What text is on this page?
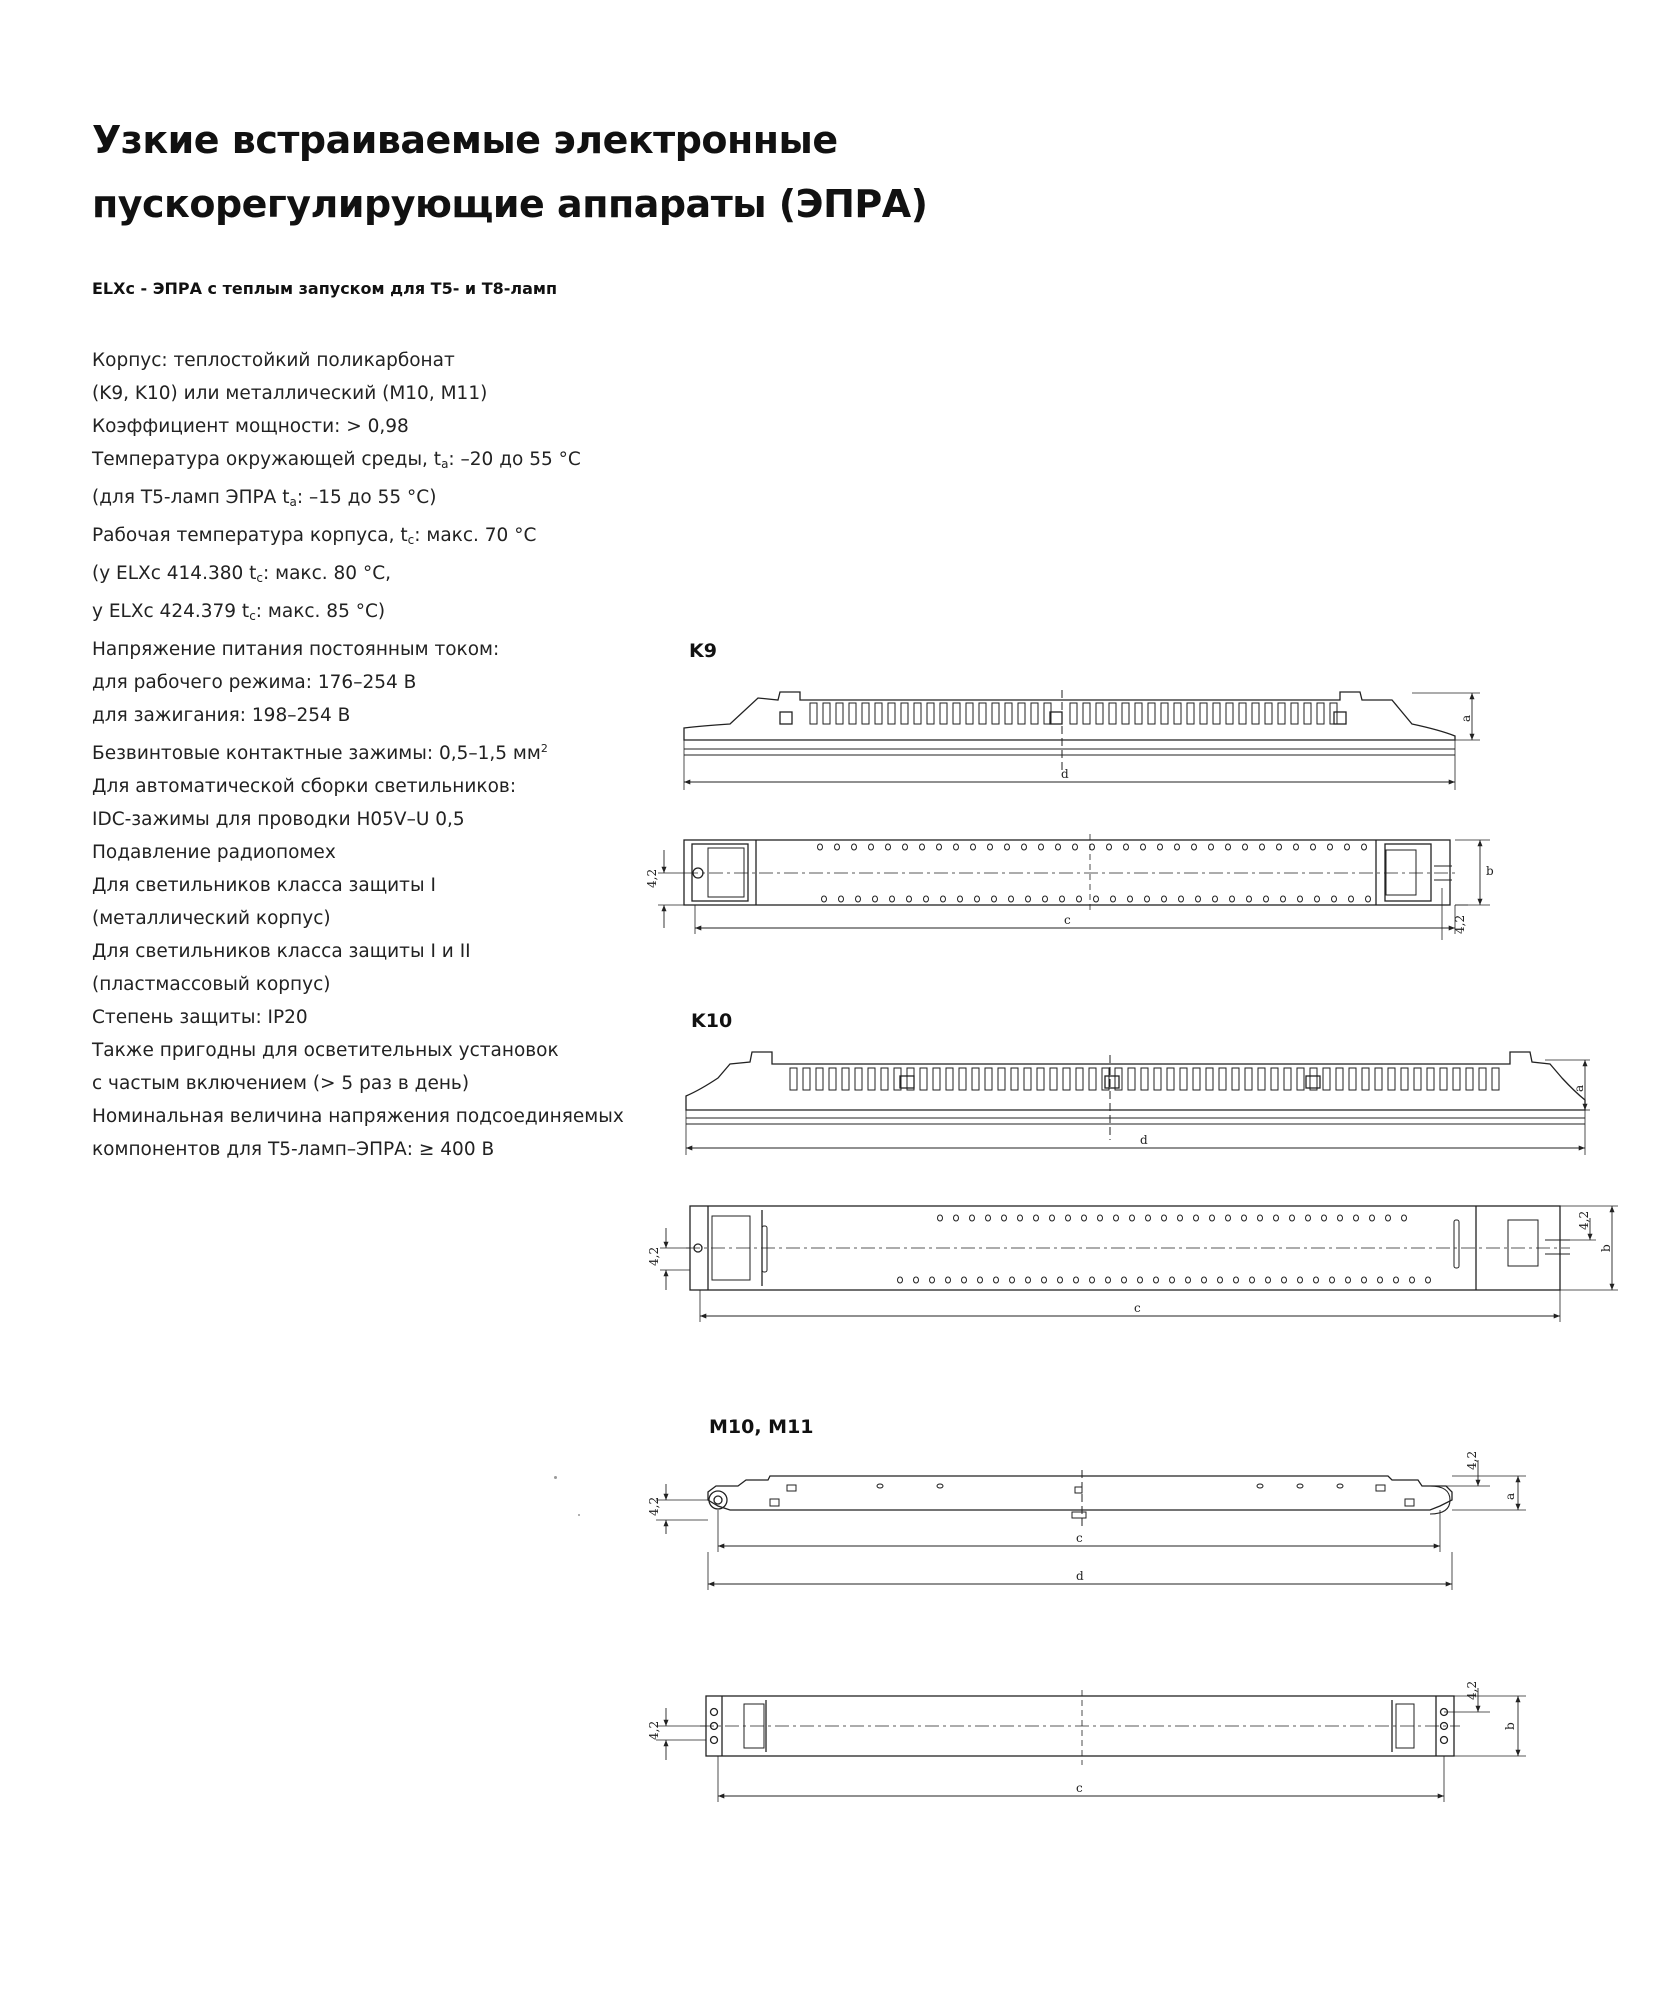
Узкие встраиваемые электронные
пускорегулирующие аппараты (ЭПРА)
ELXc - ЭПРА с теплым запуском для T5- и T8-ламп
Корпус: теплостойкий поликарбонат
(K9, K10) или металлический (M10, M11)
Коэффициент мощности: > 0,98
Температура окружающей среды, $t_a$: –20 до 55 °C
(для T5-ламп ЭПРА $t_a$: –15 до 55 °C)
Рабочая температура корпуса, $t_c$: макс. 70 °C
(у ELXc 414.380 $t_c$: макс. 80 °C,
у ELXc 424.379 $t_c$: макс. 85 °C)
Напряжение питания постоянным током:
для рабочего режима: 176–254 В
для зажигания: 198–254 В
Безвинтовые контактные зажимы: 0,5–1,5 $мм^2$
Для автоматической сборки светильников:
IDC-зажимы для проводки H05V–U 0,5
Подавление радиопомех
Для светильников класса защиты I
(металлический корпус)
Для светильников класса защиты I и II
(пластмассовый корпус)
Степень защиты: IP20
Также пригодны для осветительных установок
с частым включением (> 5 раз в день)
Номинальная величина напряжения подсоединяемых
компонентов для T5-ламп–ЭПРА: ≥ 400 В
K9
K10
M10, M11
d
a
c
b
4,2
4,2
d
a
c
b
4,2
4,2
a
c
d
4,2
4,2
c
b
4,2
4,2
